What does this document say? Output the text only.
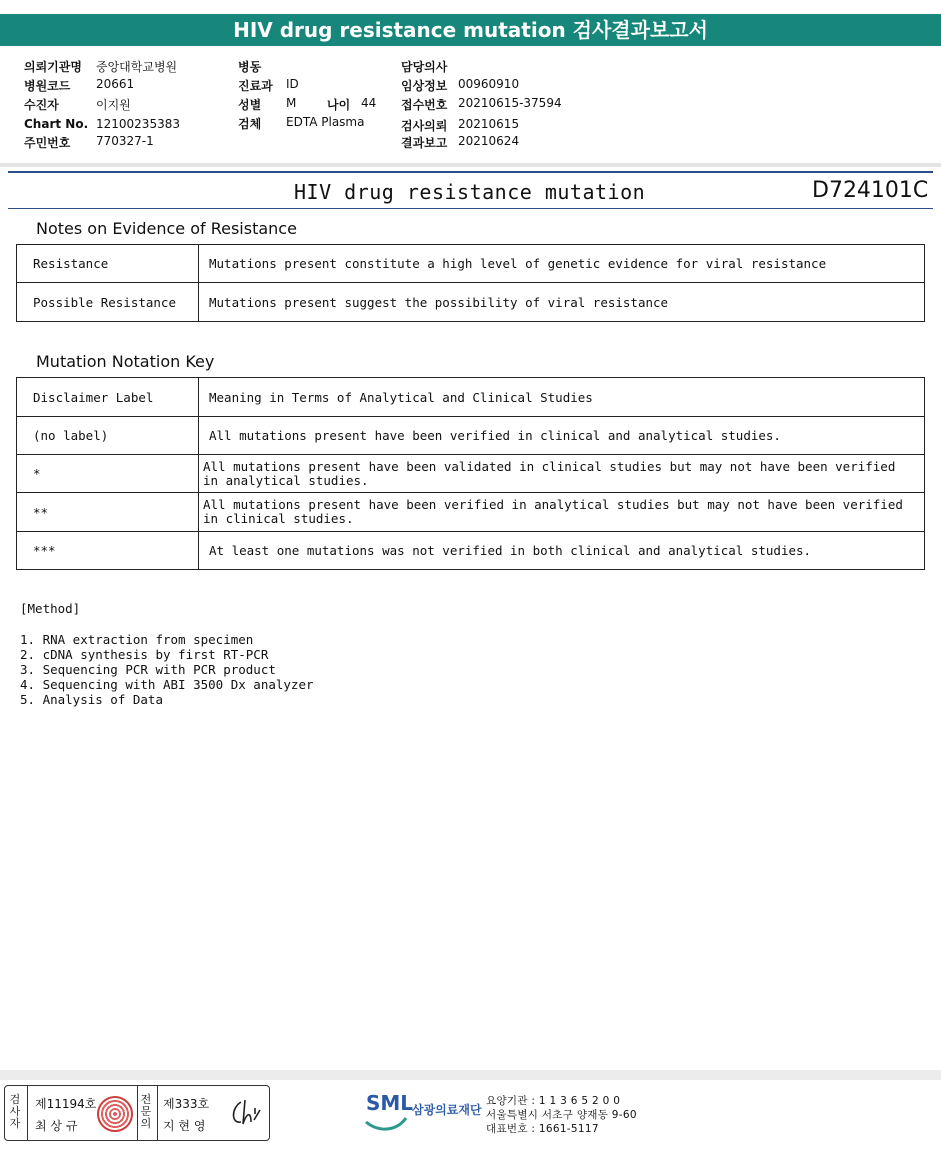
HIV drug resistance mutation 검사결과보고서
의뢰기관명 중앙대학교병원
병원코드 20661
수진자	이지원
Chart No. 12100235383
주민번호 770327-1
병동
진료과 ID
성별 M	나이 44
검체 EDTA Plasma
담당의사
임상정보 00960910
접수번호 20210615-37594
검사의뢰 20210615
결과보고 20210624
HIV drug resistance mutation	D724101C
Notes on Evidence of Resistance
Resistance	Mutations present constitute a high level of genetic evidence for viral resistance
Possible Resistance	Mutations present suggest the possibility of viral resistance
Mutation Notation Key
Disclaimer Label	Meaning in Terms of Analytical and Clinical Studies
(no label)	All mutations present have been verified in clinical and analytical studies.
*	All mutations present have been validated in clinical studies but may not have been verified in analytical studies.
**	All mutations present have been verified in analytical studies but may not have been verified in clinical studies.
***	At least one mutations was not verified in both clinical and analytical studies.
[Method]
1. RNA extraction from specimen
2. cDNA synthesis by first RT-PCR
3. Sequencing PCR with PCR product
4. Sequencing with ABI 3500 Dx analyzer
5. Analysis of Data
검사자
제11194호
최 상 규
전문의
제333호
지 현 영
SML
삼광의료재단
요양기관 : 1 1 3 6 5 2 0 0
서울특별시 서초구 양재동 9-60
대표번호 : 1661-5117
